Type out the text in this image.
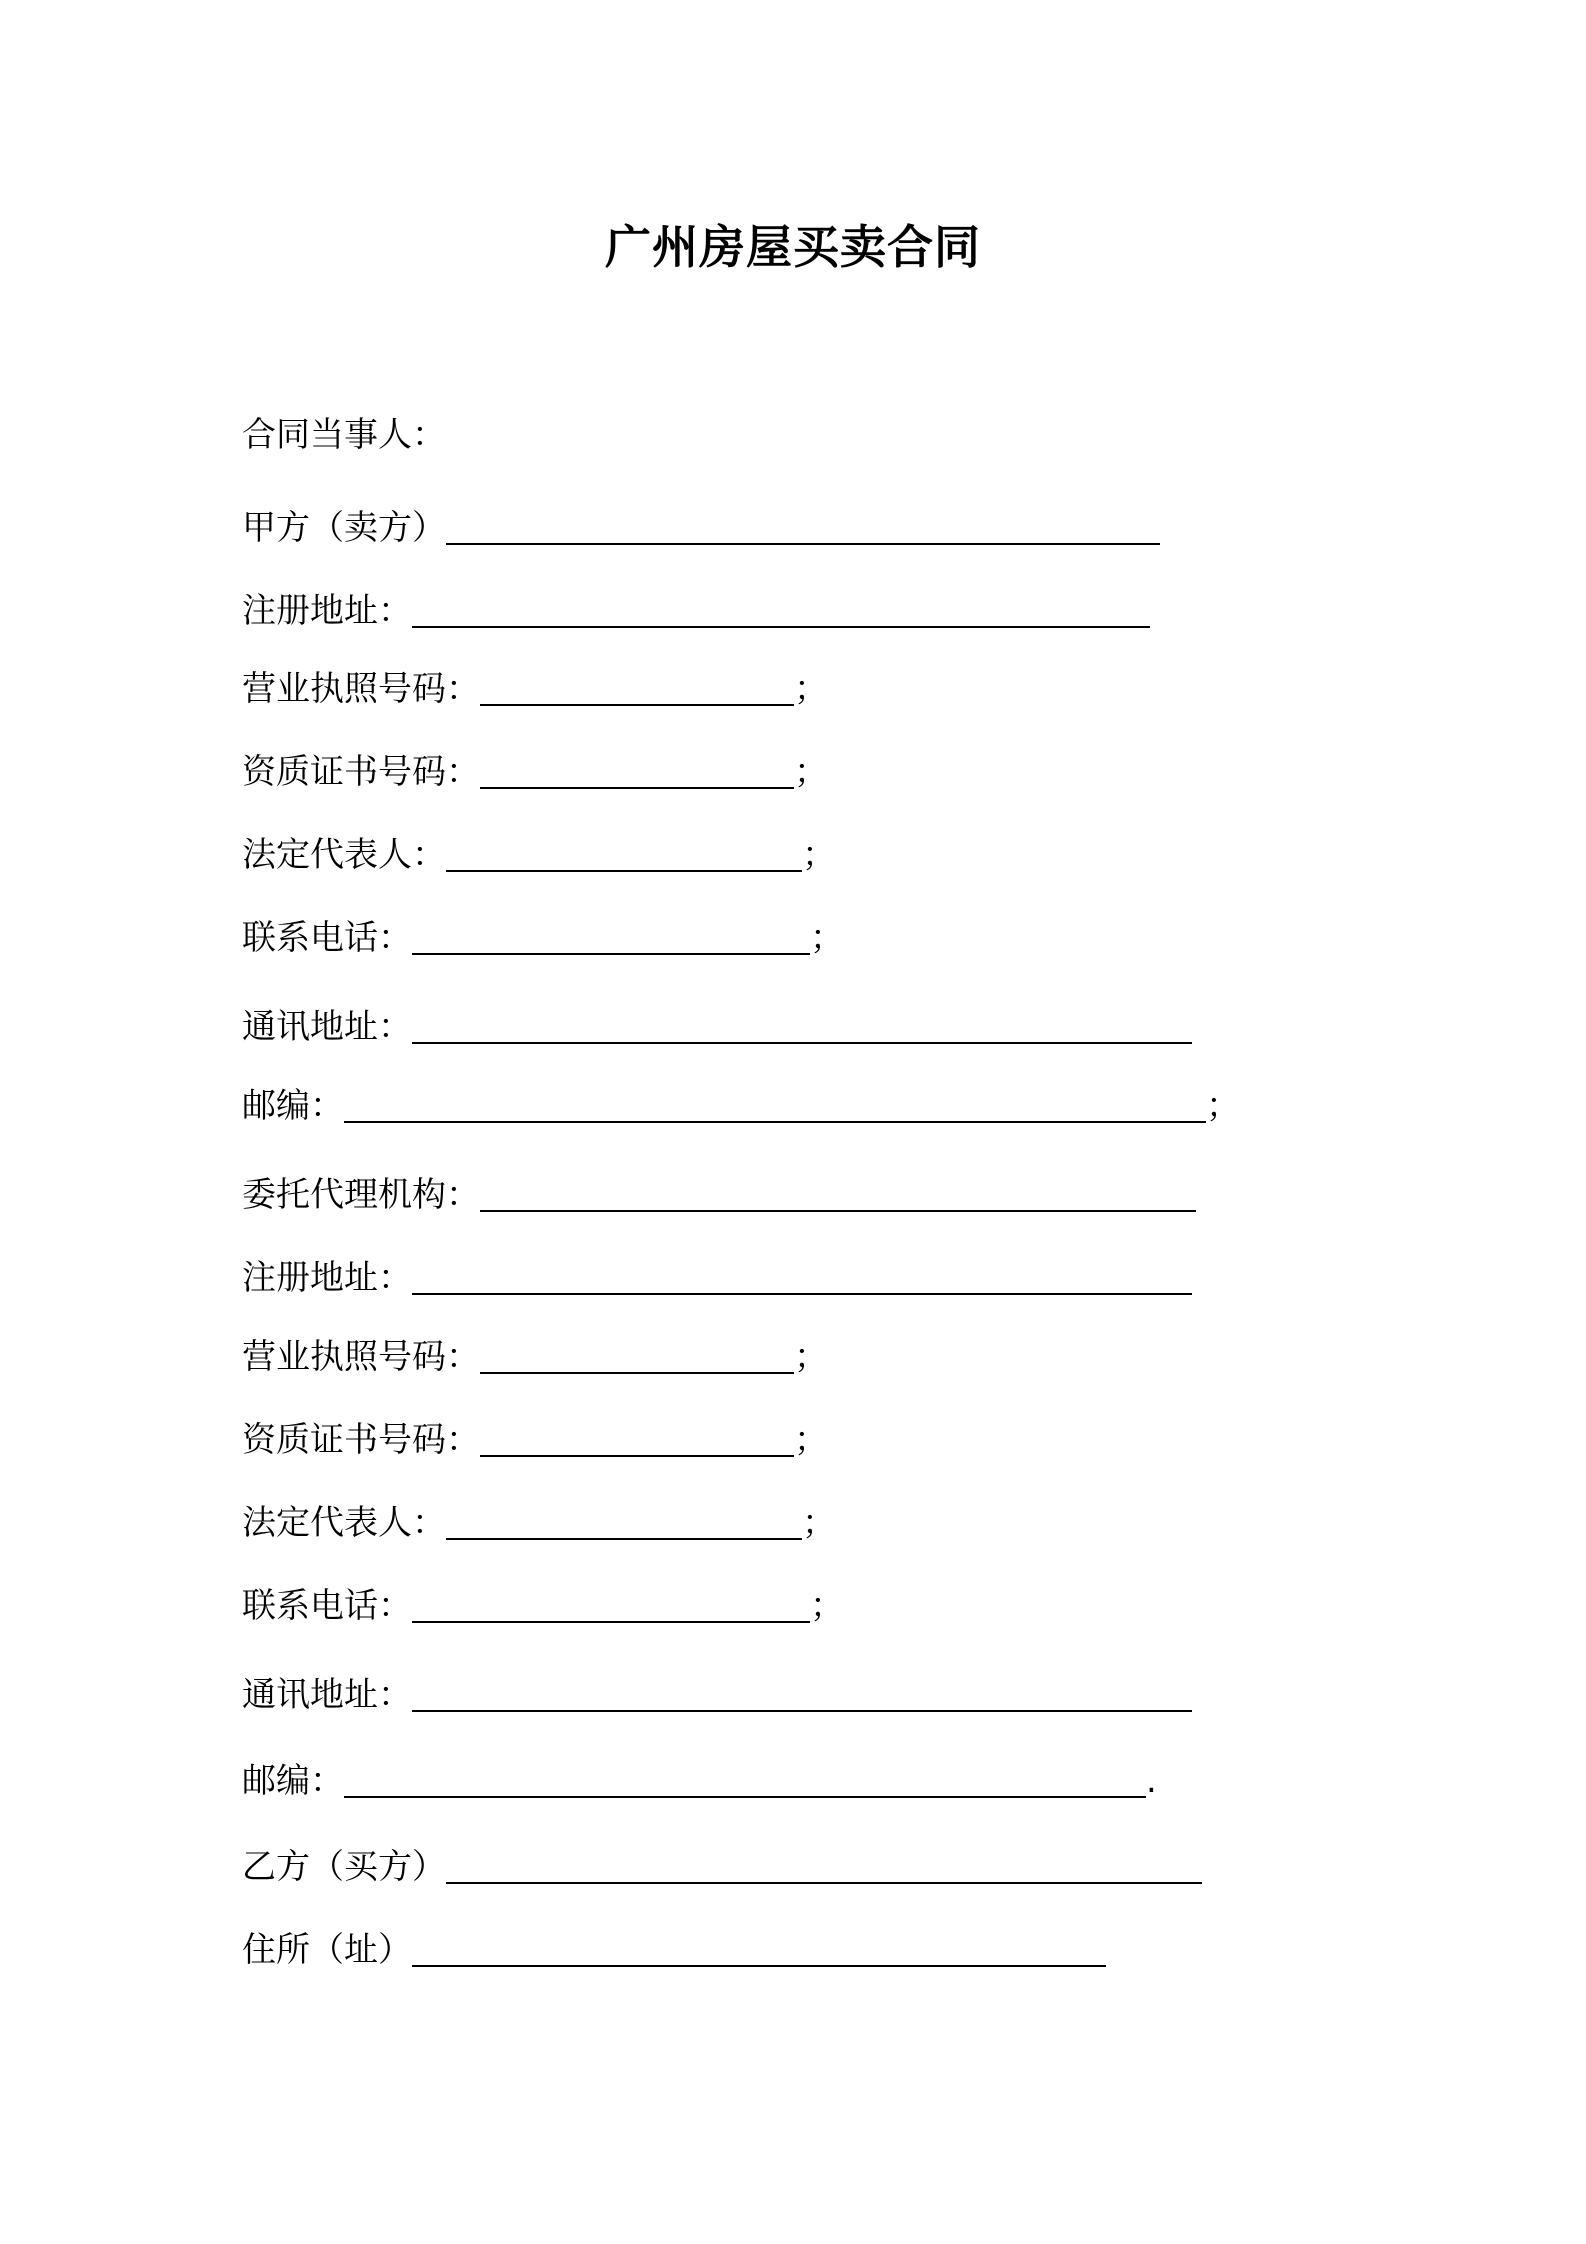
广州房屋买卖合同
合同当事人：
甲方（卖方）
注册地址：
营业执照号码：	；
资质证书号码：	；
法定代表人：	；
联系电话：	；
通讯地址：
邮编：	；
委托代理机构：
注册地址：
营业执照号码：	；
资质证书号码：	；
法定代表人：	；
联系电话：	；
通讯地址：
邮编：	.
乙方（买方）
住所（址）
